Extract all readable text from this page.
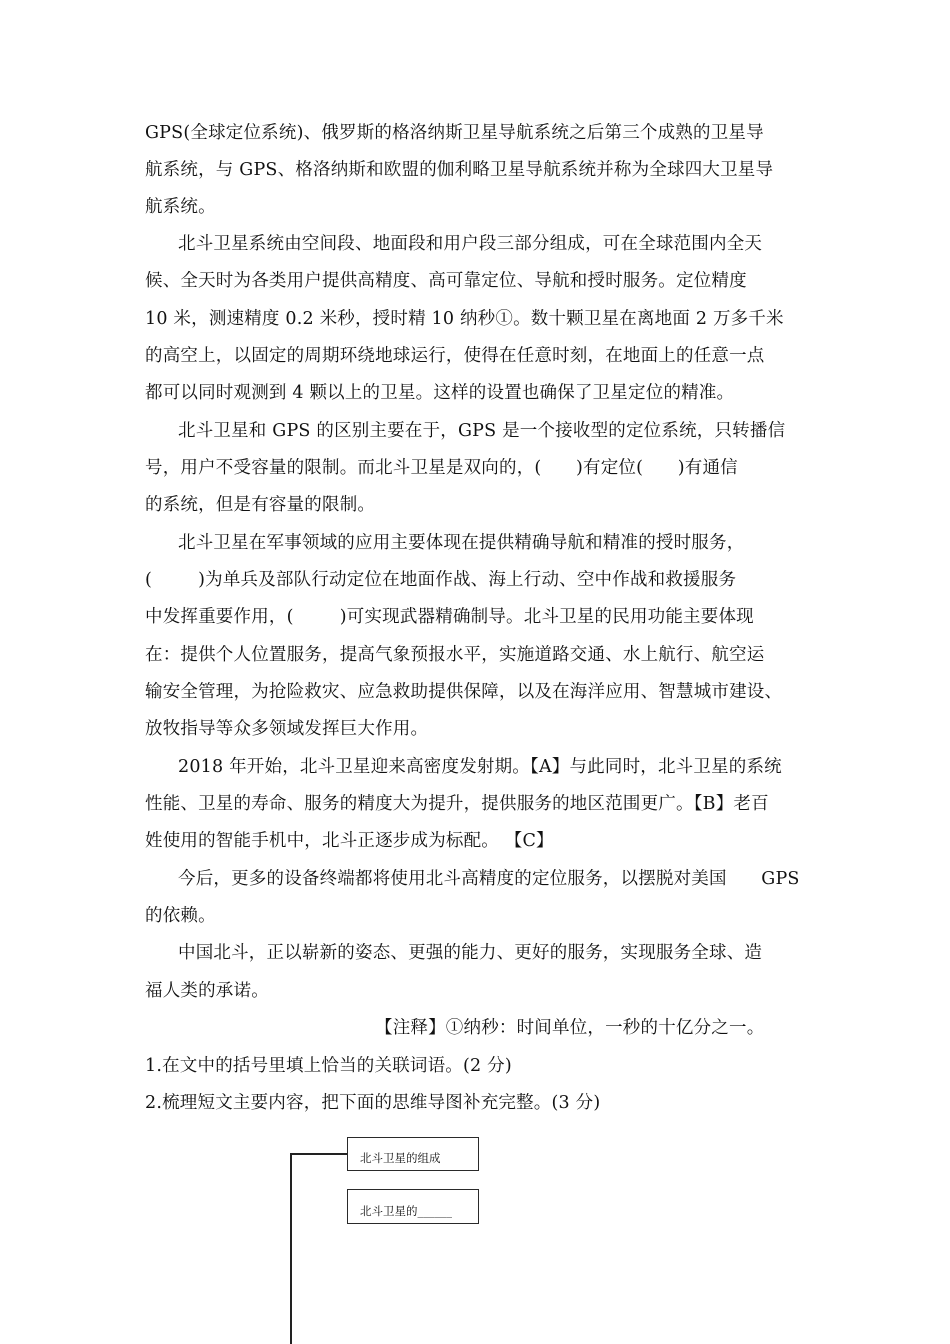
GPS(全球定位系统)、俄罗斯的格洛纳斯卫星导航系统之后第三个成熟的卫星导
航系统，与 GPS、格洛纳斯和欧盟的伽利略卫星导航系统并称为全球四大卫星导
航系统。
北斗卫星系统由空间段、地面段和用户段三部分组成，可在全球范围内全天
候、全天时为各类用户提供高精度、高可靠定位、导航和授时服务。定位精度
10 米，测速精度 0.2 米秒，授时精 10 纳秒①。数十颗卫星在离地面 2 万多千米
的高空上，以固定的周期环绕地球运行，使得在任意时刻，在地面上的任意一点
都可以同时观测到 4 颗以上的卫星。这样的设置也确保了卫星定位的精准。
北斗卫星和 GPS 的区别主要在于，GPS 是一个接收型的定位系统，只转播信
号，用户不受容量的限制。而北斗卫星是双向的，(      )有定位(      )有通信
的系统，但是有容量的限制。
北斗卫星在军事领域的应用主要体现在提供精确导航和精准的授时服务，
(        )为单兵及部队行动定位在地面作战、海上行动、空中作战和救援服务
中发挥重要作用，(        )可实现武器精确制导。北斗卫星的民用功能主要体现
在：提供个人位置服务，提高气象预报水平，实施道路交通、水上航行、航空运
输安全管理，为抢险救灾、应急救助提供保障，以及在海洋应用、智慧城市建设、
放牧指导等众多领域发挥巨大作用。
2018 年开始，北斗卫星迎来高密度发射期。【A】与此同时，北斗卫星的系统
性能、卫星的寿命、服务的精度大为提升，提供服务的地区范围更广。【B】老百
姓使用的智能手机中，北斗正逐步成为标配。 【C】
今后，更多的设备终端都将使用北斗高精度的定位服务，以摆脱对美国      GPS
的依赖。
中国北斗，正以崭新的姿态、更强的能力、更好的服务，实现服务全球、造
福人类的承诺。
【注释】①纳秒：时间单位，一秒的十亿分之一。
1.在文中的括号里填上恰当的关联词语。(2 分)
2.梳理短文主要内容，把下面的思维导图补充完整。(3 分)
北斗卫星的组成
北斗卫星的______
